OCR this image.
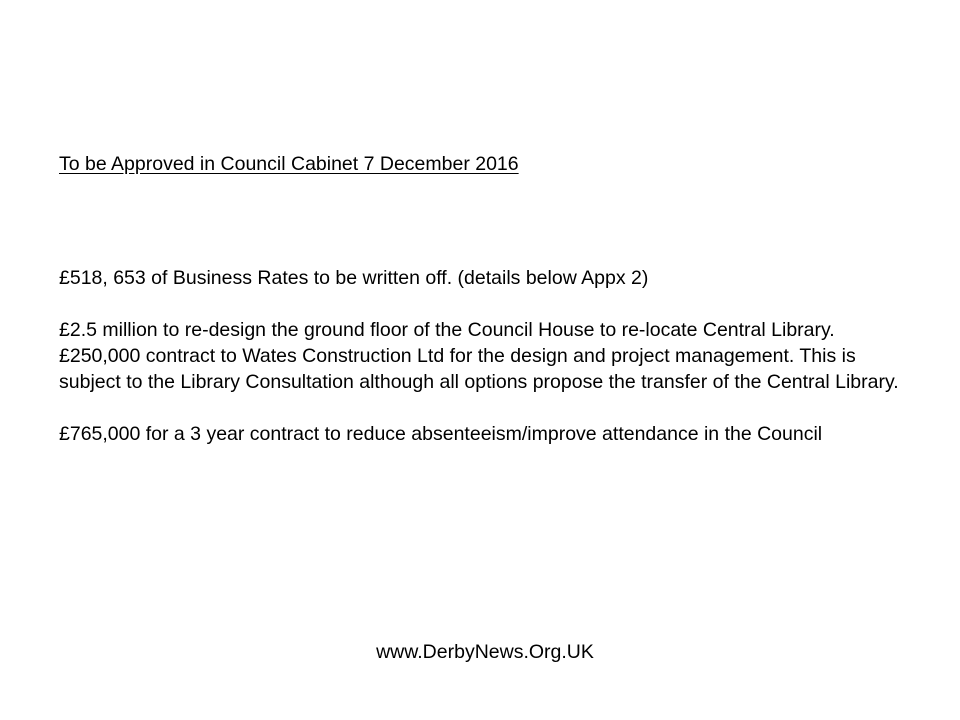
To be Approved in Council Cabinet 7 December 2016

£518, 653 of Business Rates to be written off. (details below Appx 2)

£2.5 million to re-design the ground floor of the Council House to re-locate Central Library. £250,000 contract to Wates Construction Ltd for the design and project management. This is subject to the Library Consultation although all options propose the transfer of the Central Library.

£765,000 for a 3 year contract to reduce absenteeism/improve attendance in the Council

www.DerbyNews.Org.UK
